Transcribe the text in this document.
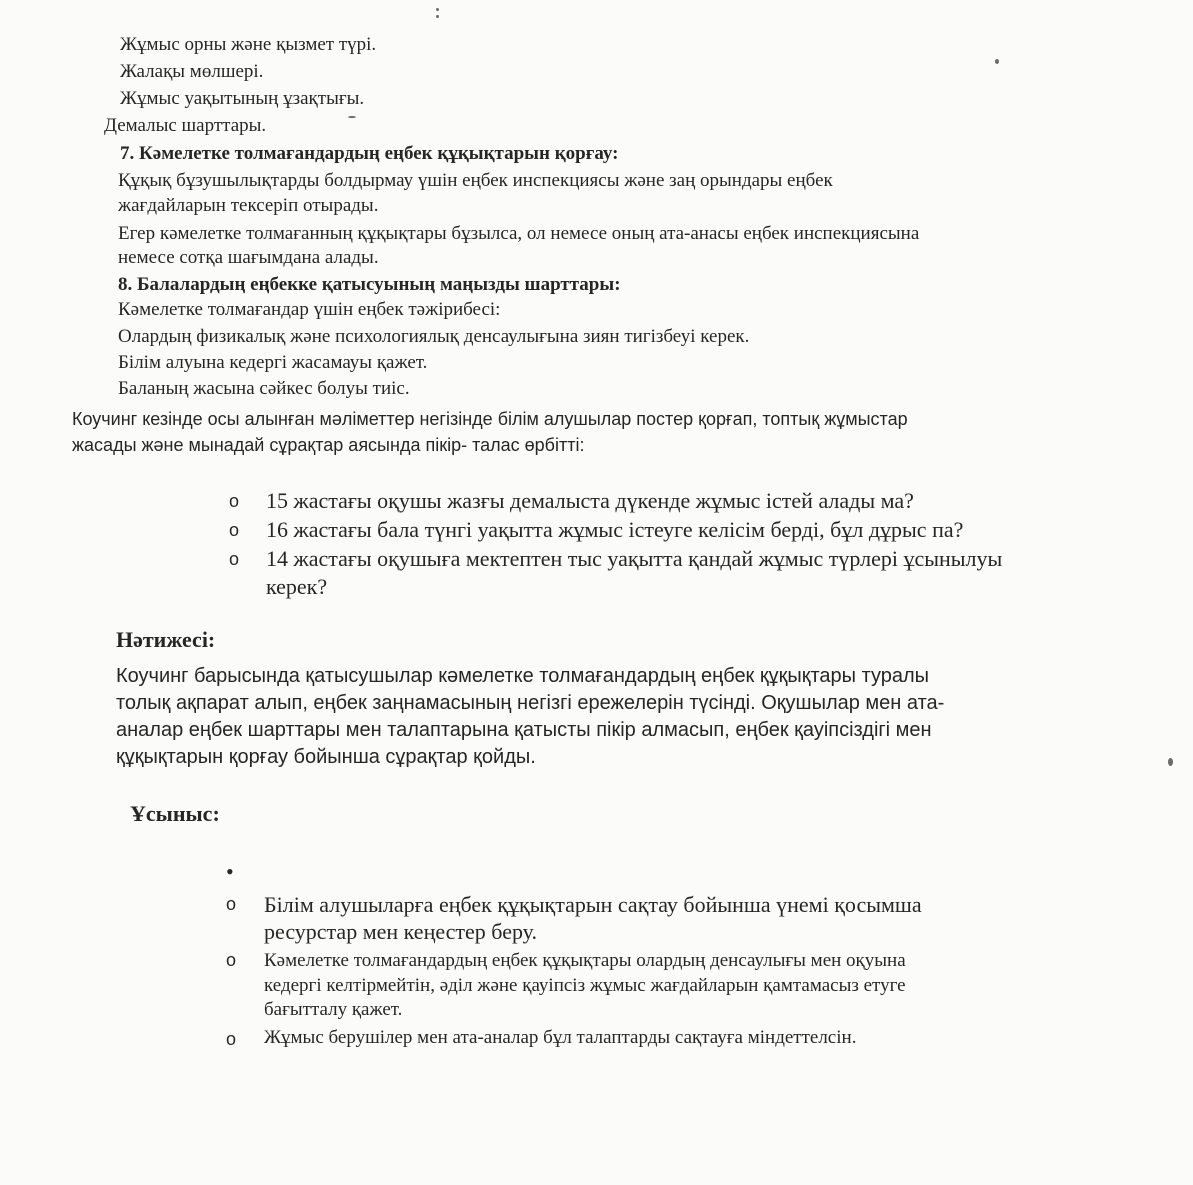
Жұмыс орны және қызмет түрі.
Жалақы мөлшері.
Жұмыс уақытының ұзақтығы.
Демалыс шарттары.
7. Кәмелетке толмағандардың еңбек құқықтарын қорғау:
Құқық бұзушылықтарды болдырмау үшін еңбек инспекциясы және заң орындары еңбек
жағдайларын тексеріп отырады.
Егер кәмелетке толмағанның құқықтары бұзылса, ол немесе оның ата-анасы еңбек инспекциясына
немесе сотқа шағымдана алады.
8. Балалардың еңбекке қатысуының маңызды шарттары:
Кәмелетке толмағандар үшін еңбек тәжірибесі:
Олардың физикалық және психологиялық денсаулығына зиян тигізбеуі керек.
Білім алуына кедергі жасамауы қажет.
Баланың жасына сәйкес болуы тиіс.
Коучинг кезінде осы алынған мәліметтер негізінде білім алушылар постер қорғап, топтық жұмыстар
жасады және мынадай сұрақтар аясында пікір- талас өрбітті:
o 15 жастағы оқушы жазғы демалыста дүкенде жұмыс істей алады ма?
o 16 жастағы бала түнгі уақытта жұмыс істеуге келісім берді, бұл дұрыс па?
o 14 жастағы оқушыға мектептен тыс уақытта қандай жұмыс түрлері ұсынылуы
керек?
Нәтижесі:
Коучинг барысында қатысушылар кәмелетке толмағандардың еңбек құқықтары туралы
толық ақпарат алып, еңбек заңнамасының негізгі ережелерін түсінді. Оқушылар мен ата-
аналар еңбек шарттары мен талаптарына қатысты пікір алмасып, еңбек қауіпсіздігі мен
құқықтарын қорғау бойынша сұрақтар қойды.
Ұсыныс:
•
o Білім алушыларға еңбек құқықтарын сақтау бойынша үнемі қосымша
ресурстар мен кеңестер беру.
o Кәмелетке толмағандардың еңбек құқықтары олардың денсаулығы мен оқуына
кедергі келтірмейтін, әділ және қауіпсіз жұмыс жағдайларын қамтамасыз етуге
бағытталу қажет.
o Жұмыс берушілер мен ата-аналар бұл талаптарды сақтауға міндеттелсін.
